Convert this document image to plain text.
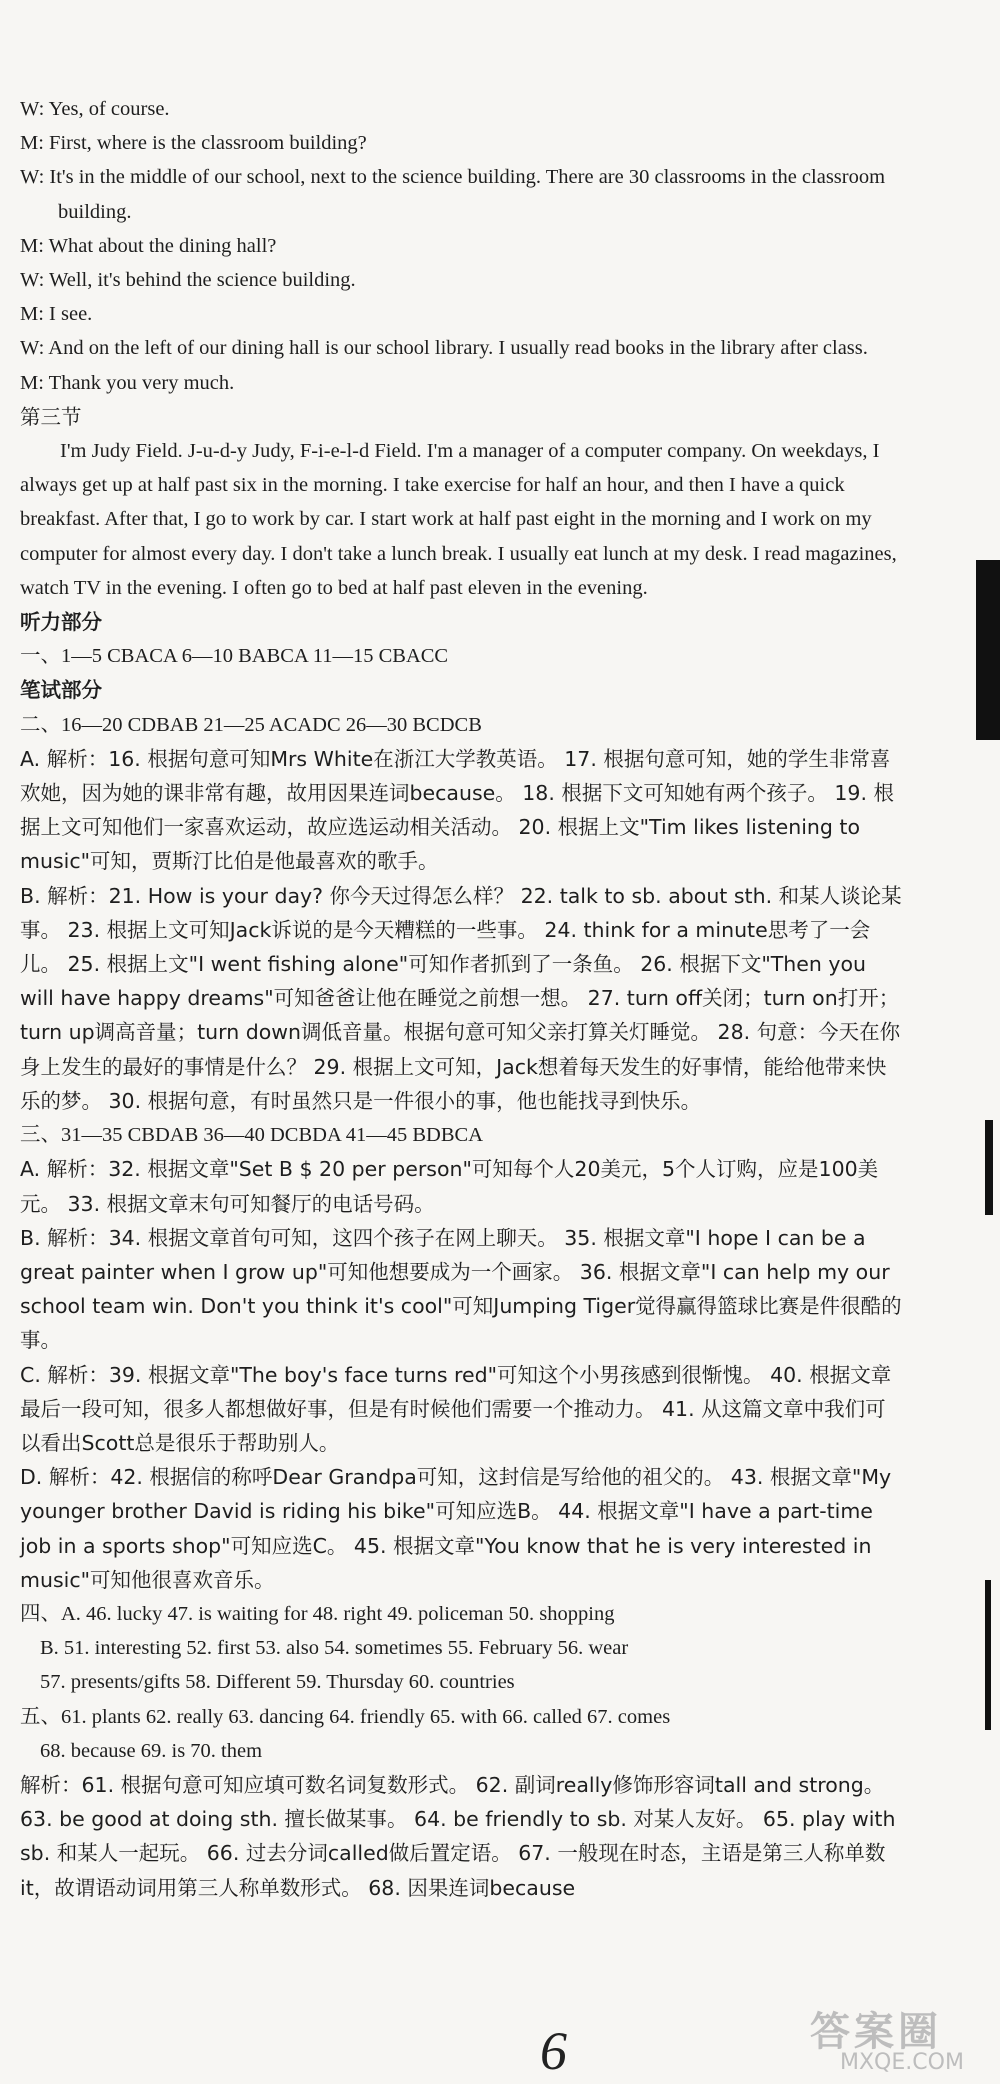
W: Yes, of course.
M: First, where is the classroom building?
W: It's in the middle of our school, next to the science building. There are 30 classrooms in the classroom building.
M: What about the dining hall?
W: Well, it's behind the science building.
M: I see.
W: And on the left of our dining hall is our school library. I usually read books in the library after class.
M: Thank you very much.
第三节
I'm Judy Field. J-u-d-y Judy, F-i-e-l-d Field. I'm a manager of a computer company. On weekdays, I always get up at half past six in the morning. I take exercise for half an hour, and then I have a quick breakfast. After that, I go to work by car. I start work at half past eight in the morning and I work on my computer for almost every day. I don't take a lunch break. I usually eat lunch at my desk. I read magazines, watch TV in the evening. I often go to bed at half past eleven in the evening.
听力部分
一、1—5 CBACA 6—10 BABCA 11—15 CBACC
笔试部分
二、16—20 CDBAB 21—25 ACADC 26—30 BCDCB
A. 解析：16. 根据句意可知Mrs White在浙江大学教英语。 17. 根据句意可知，她的学生非常喜欢她，因为她的课非常有趣，故用因果连词because。 18. 根据下文可知她有两个孩子。 19. 根据上文可知他们一家喜欢运动，故应选运动相关活动。 20. 根据上文"Tim likes listening to music"可知，贾斯汀比伯是他最喜欢的歌手。
B. 解析：21. How is your day? 你今天过得怎么样？ 22. talk to sb. about sth. 和某人谈论某事。 23. 根据上文可知Jack诉说的是今天糟糕的一些事。 24. think for a minute思考了一会儿。 25. 根据上文"I went fishing alone"可知作者抓到了一条鱼。 26. 根据下文"Then you will have happy dreams"可知爸爸让他在睡觉之前想一想。 27. turn off关闭；turn on打开；turn up调高音量；turn down调低音量。根据句意可知父亲打算关灯睡觉。 28. 句意：今天在你身上发生的最好的事情是什么？ 29. 根据上文可知，Jack想着每天发生的好事情，能给他带来快乐的梦。 30. 根据句意，有时虽然只是一件很小的事，他也能找寻到快乐。
三、31—35 CBDAB 36—40 DCBDA 41—45 BDBCA
A. 解析：32. 根据文章"Set B $ 20 per person"可知每个人20美元，5个人订购，应是100美元。 33. 根据文章末句可知餐厅的电话号码。
B. 解析：34. 根据文章首句可知，这四个孩子在网上聊天。 35. 根据文章"I hope I can be a great painter when I grow up"可知他想要成为一个画家。 36. 根据文章"I can help my our school team win. Don't you think it's cool"可知Jumping Tiger觉得赢得篮球比赛是件很酷的事。
C. 解析：39. 根据文章"The boy's face turns red"可知这个小男孩感到很惭愧。 40. 根据文章最后一段可知，很多人都想做好事，但是有时候他们需要一个推动力。 41. 从这篇文章中我们可以看出Scott总是很乐于帮助别人。
D. 解析：42. 根据信的称呼Dear Grandpa可知，这封信是写给他的祖父的。 43. 根据文章"My younger brother David is riding his bike"可知应选B。 44. 根据文章"I have a part-time job in a sports shop"可知应选C。 45. 根据文章"You know that he is very interested in music"可知他很喜欢音乐。
四、A. 46. lucky 47. is waiting for 48. right 49. policeman 50. shopping
B. 51. interesting 52. first 53. also 54. sometimes 55. February 56. wear
57. presents/gifts 58. Different 59. Thursday 60. countries
五、61. plants 62. really 63. dancing 64. friendly 65. with 66. called 67. comes
68. because 69. is 70. them
解析：61. 根据句意可知应填可数名词复数形式。 62. 副词really修饰形容词tall and strong。 63. be good at doing sth. 擅长做某事。 64. be friendly to sb. 对某人友好。 65. play with sb. 和某人一起玩。 66. 过去分词called做后置定语。 67. 一般现在时态，主语是第三人称单数it，故谓语动词用第三人称单数形式。 68. 因果连词because
6	答案圈
MXQE.COM
